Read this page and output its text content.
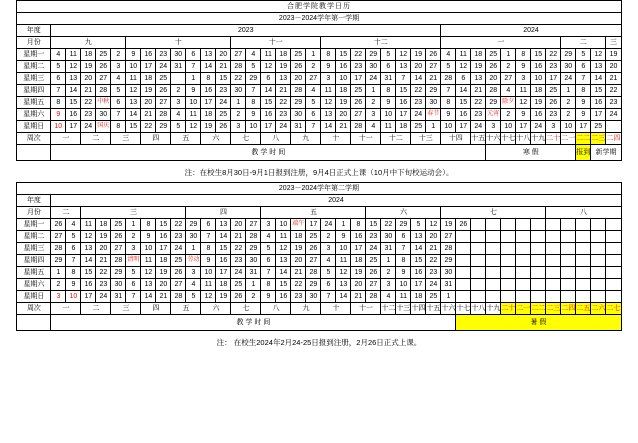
合肥学院教学日历																																						
2023－2024学年第一学期																																						
年度	2023																										2024											
月份	九					十							十一						十二								一								二			三
星期一	4	11	18	25	2	9	16	23	30	6	13	20	27	4	11	18	25	1	8	15	22	29	5	12	19	26	4	11	18	25	1	8	15	22	29	5	12	19
星期二	5	12	19	26	3	10	17	24	31	7	14	21	28	5	12	19	26	2	9	16	23	30	6	13	20	27	5	12	19	26	2	9	16	23	30	6	13	20
星期三	6	13	20	27	4	11	18	25		1	8	15	22	29	6	13	20	27	3	10	17	24	31	7	14	21	28	6	13	20	27	3	10	17	24	7	14	21
星期四	7	14	21	28	5	12	19	26	2	9	16	23	30	7	14	21	28	4	11	18	25	1	8	15	22	29	7	14	21	28	4	11	18	25	1	8	15	22
星期五	8	15	22	中秋	6	13	20	27	3	10	17	24	1	8	15	22	29	5	12	19	26	2	9	16	23	30	8	15	22	29	除夕	12	19	26	2	9	16	23
星期六	9	16	23	30	7	14	21	28	4	11	18	25	2	9	16	23	30	6	13	20	27	3	10	17	24	春节	9	16	23	元宵	2	9	16	23	2	9	17	24
星期日	10	17	24	国庆	8	15	22	29	5	12	19	26	3	10	17	24	31	7	14	21	28	4	11	18	25	1	10	17	24	3	10	17	24	3	10	17	25	
周次	一		二		三		四		五		六		七		八		九		十		十一		十二		十三		十四		十五	十六	十七	十八	十九	二十	二一	二二	二三	二四
	教 学 时 间																													寒 假						报到	新学期	
注：在校生8月30日-9月1日报到注册，9月4日正式上课（10月中下旬校运动会）。
2023－2024学年第二学期																																						
年度	2024																																					
月份	二		三							四					五							六					七							八				
星期一	26	4	11	18	25	1	8	15	22	29	6	13	20	27	3	10	端午	17	24	1	8	15	22	29	5	12	19	26										
星期二	27	5	12	19	26	2	9	16	23	30	7	14	21	28	4	11	18	25	2	9	16	23	30	6	13	20	27											
星期三	28	6	13	20	27	3	10	17	24	1	8	15	22	29	5	12	19	26	3	10	17	24	31	7	14	21	28											
星期四	29	7	14	21	28	清明	11	18	25	劳动	9	16	23	30	6	13	20	27	4	11	18	25	1	8	15	22	29											
星期五	1	8	15	22	29	5	12	19	26	3	10	17	24	31	7	14	21	28	5	12	19	26	2	9	16	23	30											
星期六	2	9	16	23	30	6	13	20	27	4	11	18	25	1	8	15	22	29	6	13	20	27	3	10	17	24	31											
星期日	3	10	17	24	31	7	14	21	28	5	12	19	26	2	9	16	23	30	7	14	21	28	4	11	18	25	1											
周次	一		二		三		四		五		六		七		八		九		十		十一		十二	十三	十四	十五	十六	十七	十八	十九	二十	二一	二二	二三	二四	二五	二六	二七
	教 学 时 间																											暑 假										
注： 在校生2024年2月24-25日报到注册，2月26日正式上课。
